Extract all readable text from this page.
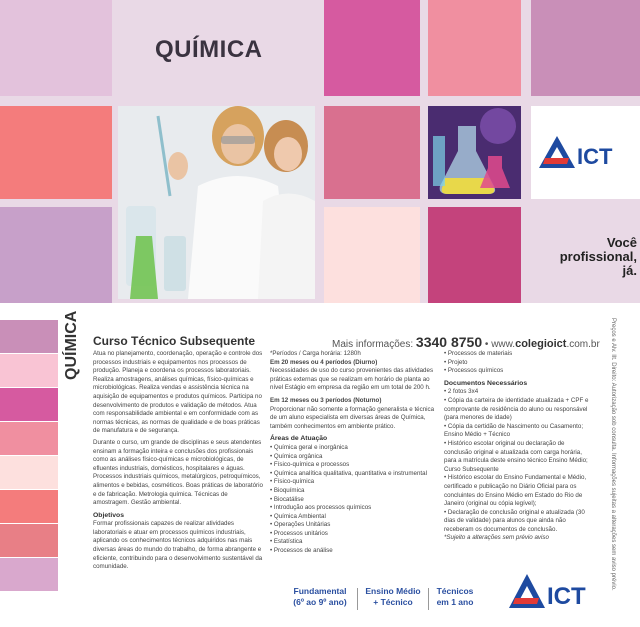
QUÍMICA
ICT
Você
profissional,
já.
QUÍMICA Curso Técnico Subsequente	Mais informações: 3340 8750 • www.colegioict.com.br

Atua no planejamento, coordenação, operação e controle dos processos industriais e equipamentos nos processos de produção. Planeja e coordena os processos laboratoriais. Realiza amostragens, análises químicas, físico-químicas e microbiológicas. Realiza vendas e assistência técnica na aquisição de equipamentos e produtos químicos. Participa no desenvolvimento de produtos e validação de métodos. Atua com responsabilidade ambiental e em conformidade com as normas técnicas, as normas de qualidade e de boas práticas de manufatura e de segurança.

Durante o curso, um grande de disciplinas e seus atendentes ensinam a formação inteira e conclusões dos profissionais como as análises físico-químicas e microbiológicas, de efluentes industriais, domésticos, hospitalares e águas. Processos industriais químicos, metalúrgicos, petroquímicos, alimentos e bebidas, cosméticos. Boas práticas de laboratório e de fabricação. Metrologia química. Técnicas de amostragem. Gestão ambiental.

Objetivos

Formar profissionais capazes de realizar atividades laboratoriais e atuar em processos químicos industriais, aplicando os conhecimentos técnicos adquiridos nas mais diversas áreas do mundo do trabalho, de forma abrangente e eficiente, contribuindo para o desenvolvimento sustentável da comunidade.

*Períodos / Carga horária: 1280h

Em 20 meses ou 4 períodos (Diurno)

Necessidades de uso do curso provenientes das atividades práticas externas que se realizam em horário de planta ao nível Estágio em empresa da região em um total de 200 h.

Em 12 meses ou 3 períodos (Noturno)

Proporcionar não somente a formação generalista e técnica de um aluno especialista em diversas áreas de Química, também conhecimentos em ambiente prático.

Áreas de Atuação
• Química geral e inorgânica
• Química orgânica
• Físico-química e processos
• Química analítica qualitativa, quantitativa e instrumental
• Físico-química
• Bioquímica
• Biocatálise
• Introdução aos processos químicos
• Química Ambiental
• Operações Unitárias
• Processos unitários
• Estatística
• Processos de análise
• Processos de materiais
• Projeto
• Processos químicos
Documentos Necessários
• 2 fotos 3x4
• Cópia da carteira de identidade atualizada + CPF e comprovante de residência do aluno ou responsável (para menores de idade)
• Cópia da certidão de Nascimento ou Casamento;
Ensino Médio + Técnico
• Histórico escolar original ou declaração de conclusão original e atualizada com carga horária, para a matrícula deste ensino técnico Ensino Médio;
Curso Subsequente
• Histórico escolar do Ensino Fundamental e Médio, certificado e publicação no Diário Oficial para os concluintes do Ensino Médio em Estado do Rio de Janeiro (original ou cópia legível);
• Declaração de conclusão original e atualizada (30 dias de validade) para alunos que ainda não receberam os documentos de conclusão.
*Sujeito a alterações sem prévio aviso
ICT
Fundamental
(6º ao 9º ano)
Ensino Médio
+ Técnico
Técnicos
em 1 ano
Preços e Alv. Ilt. Direito: Autorização sob consulta. Informações sujeitas a alterações sem aviso prévio.
